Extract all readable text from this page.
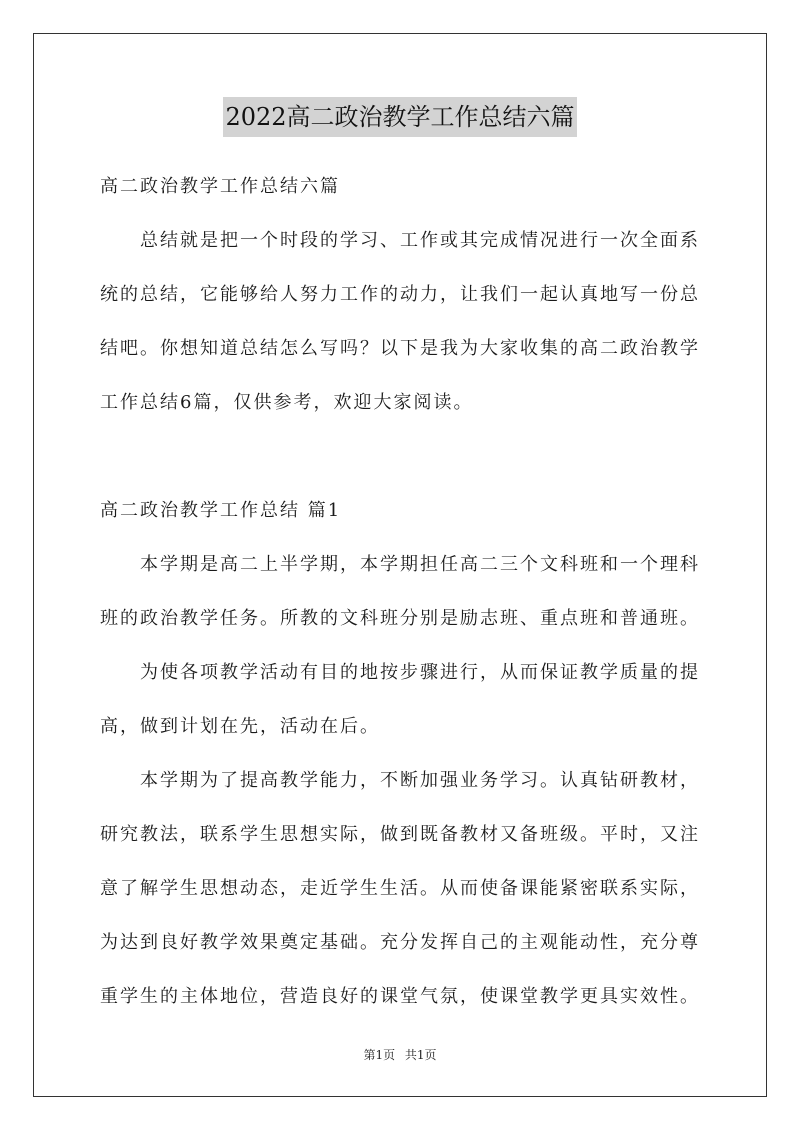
2022高二政治教学工作总结六篇
高二政治教学工作总结六篇
总结就是把一个时段的学习、工作或其完成情况进行一次全面系
统的总结，它能够给人努力工作的动力，让我们一起认真地写一份总
结吧。你想知道总结怎么写吗？以下是我为大家收集的高二政治教学
工作总结6篇，仅供参考，欢迎大家阅读。
高二政治教学工作总结 篇1
本学期是高二上半学期，本学期担任高二三个文科班和一个理科
班的政治教学任务。所教的文科班分别是励志班、重点班和普通班。
为使各项教学活动有目的地按步骤进行，从而保证教学质量的提
高，做到计划在先，活动在后。
本学期为了提高教学能力，不断加强业务学习。认真钻研教材，
研究教法，联系学生思想实际，做到既备教材又备班级。平时，又注
意了解学生思想动态，走近学生生活。从而使备课能紧密联系实际，
为达到良好教学效果奠定基础。充分发挥自己的主观能动性，充分尊
重学生的主体地位，营造良好的课堂气氛，使课堂教学更具实效性。
第1页 共1页
